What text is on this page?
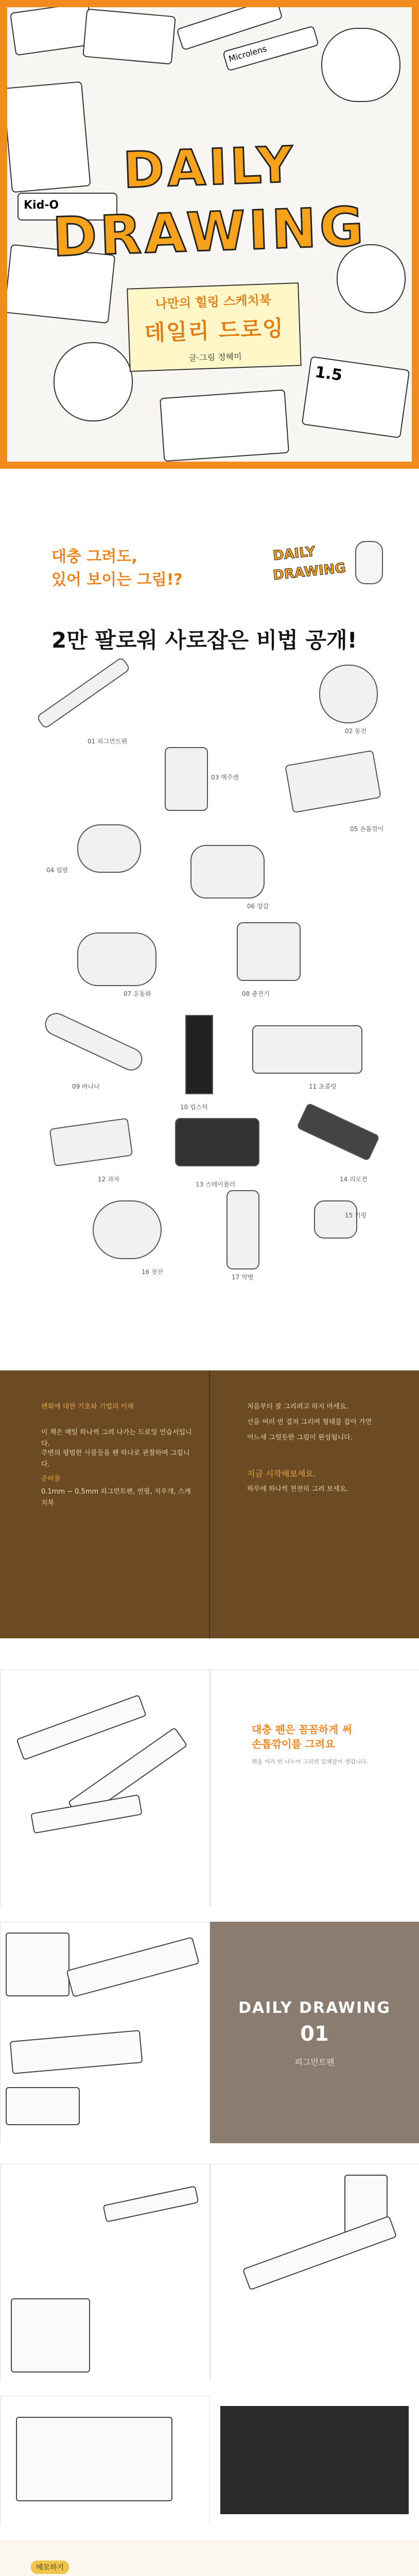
Kid-O
Microlens
1.5
DAILY
DRAWING
나만의 힐링 스케치북
데일리 드로잉
글·그림 정혜미
대충 그려도,
있어 보이는 그림!?
DAILY
DRAWING
2만 팔로워 사로잡은 비법 공개!
01 피그먼트펜
02 동전
03 맥주캔
04 립밤
05 손톱깎이
06 장갑
07 운동화	08 충전기
09 바나나
10 립스틱
11 초콜릿
12 과자
13 스테이플러
14 리모컨
15 키링
16 찻잔
17 약병
펜화에 대한 기초와 기법의 이해
이 책은 매일 하나씩 그려 나가는 드로잉 연습서입니다.
주변의 평범한 사물들을 펜 하나로 관찰하며 그립니다.
준비물
0.1mm ~ 0.5mm 피그먼트펜, 연필, 지우개, 스케치북
처음부터 잘 그리려고 하지 마세요.
선을 여러 번 겹쳐 그리며 형태를 잡아 가면
어느새 그럴듯한 그림이 완성됩니다.
지금 시작해보세요.
하루에 하나씩 천천히 그려 보세요.
대충 펜은 꼼꼼하게 써
손톱깎이를 그려요
펜을 여러 번 나누어 그리면 입체감이 생깁니다.
DAILY DRAWING
01
피그먼트펜
메모하기
